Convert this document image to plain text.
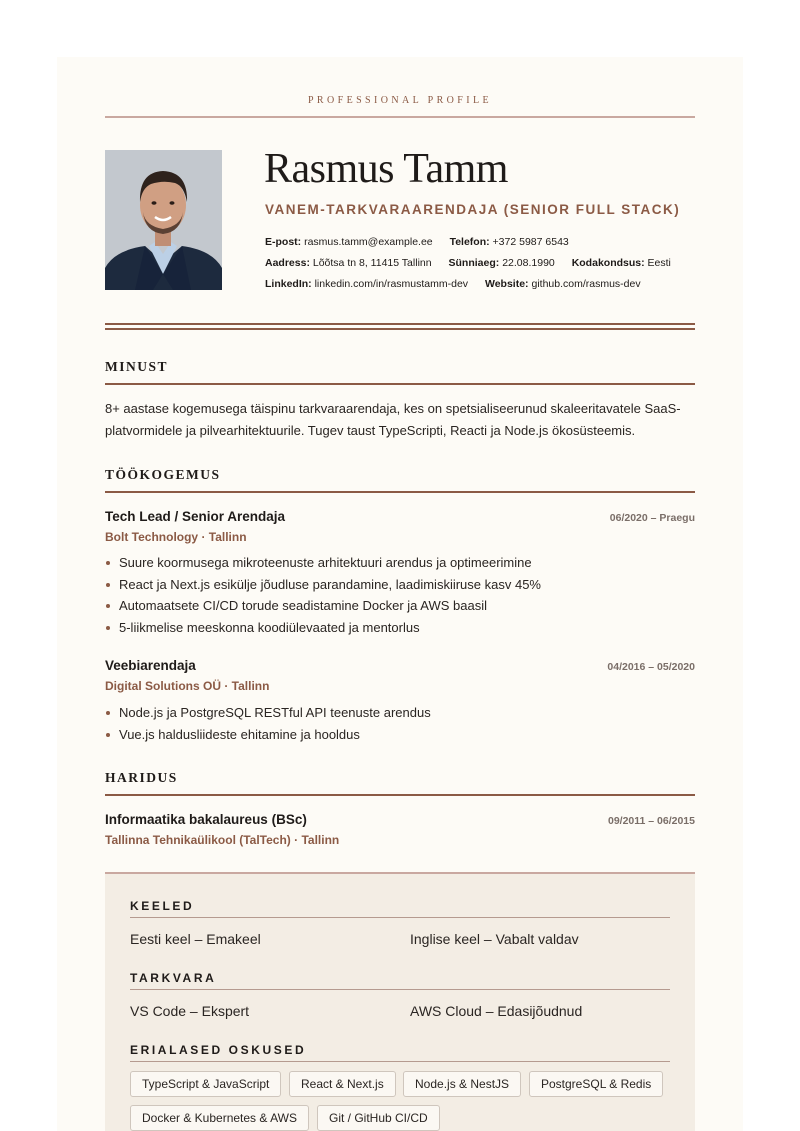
PROFESSIONAL PROFILE
Rasmus Tamm
VANEM-TARKVARAARENDAJA (SENIOR FULL STACK)
E-post: rasmus.tamm@example.ee Telefon: +372 5987 6543
Aadress: Lõõtsa tn 8, 11415 Tallinn Sünniaeg: 22.08.1990 Kodakondsus: Eesti
LinkedIn: linkedin.com/in/rasmustamm-dev Website: github.com/rasmus-dev
MINUST
8+ aastase kogemusega täispinu tarkvaraarendaja, kes on spetsialiseerunud skaleeritavatele SaaS-platvormidele ja pilvearhitektuurile. Tugev taust TypeScripti, Reacti ja Node.js ökosüsteemis.
TÖÖKOGEMUS
Tech Lead / Senior Arendaja	06/2020 – Praegu
Bolt Technology · Tallinn
Suure koormusega mikroteenuste arhitektuuri arendus ja optimeerimine
React ja Next.js esikülje jõudluse parandamine, laadimiskiiruse kasv 45%
Automaatsete CI/CD torude seadistamine Docker ja AWS baasil
5-liikmelise meeskonna koodiülevaated ja mentorlus
Veebiarendaja	04/2016 – 05/2020
Digital Solutions OÜ · Tallinn
Node.js ja PostgreSQL RESTful API teenuste arendus
Vue.js haldusliideste ehitamine ja hooldus
HARIDUS
Informaatika bakalaureus (BSc)	09/2011 – 06/2015
Tallinna Tehnikaülikool (TalTech) · Tallinn
KEELED
Eesti keel – Emakeel	Inglise keel – Vabalt valdav
TARKVARA
VS Code – Ekspert	AWS Cloud – Edasijõudnud
ERIALASED OSKUSED
TypeScript & JavaScript	React & Next.js	Node.js & NestJS	PostgreSQL & Redis
Docker & Kubernetes & AWS	Git / GitHub CI/CD
